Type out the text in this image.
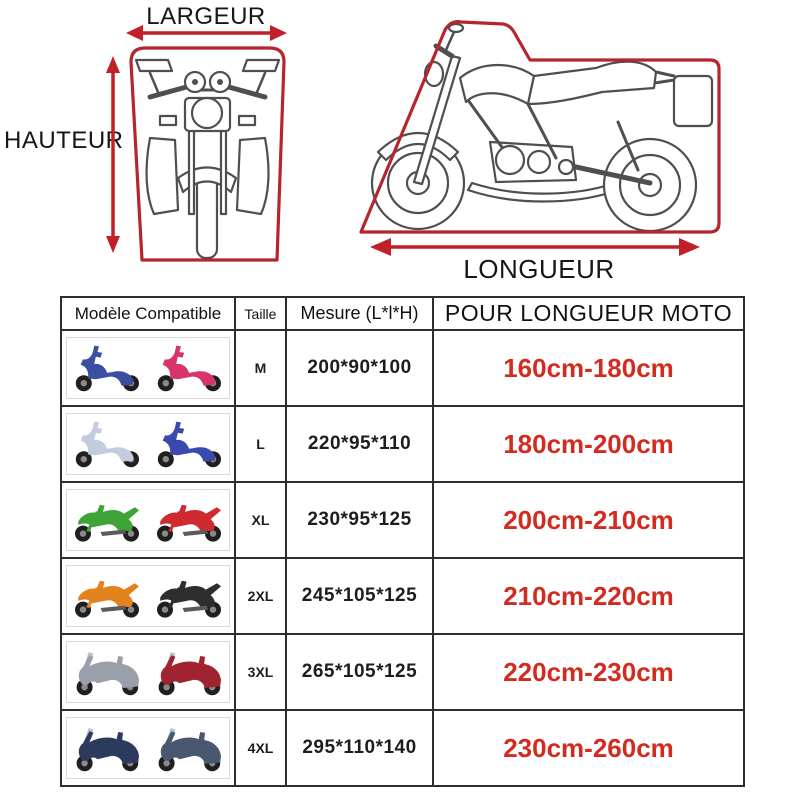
LARGEUR
HAUTEUR
LONGUEUR
Modèle Compatible	Taille	Mesure (L*l*H)	POUR LONGUEUR MOTO

	M	200*90*100	160cm-180cm

	L	220*95*110	180cm-200cm

	XL	230*95*125	200cm-210cm

	2XL	245*105*125	210cm-220cm

	3XL	265*105*125	220cm-230cm

	4XL	295*110*140	230cm-260cm
